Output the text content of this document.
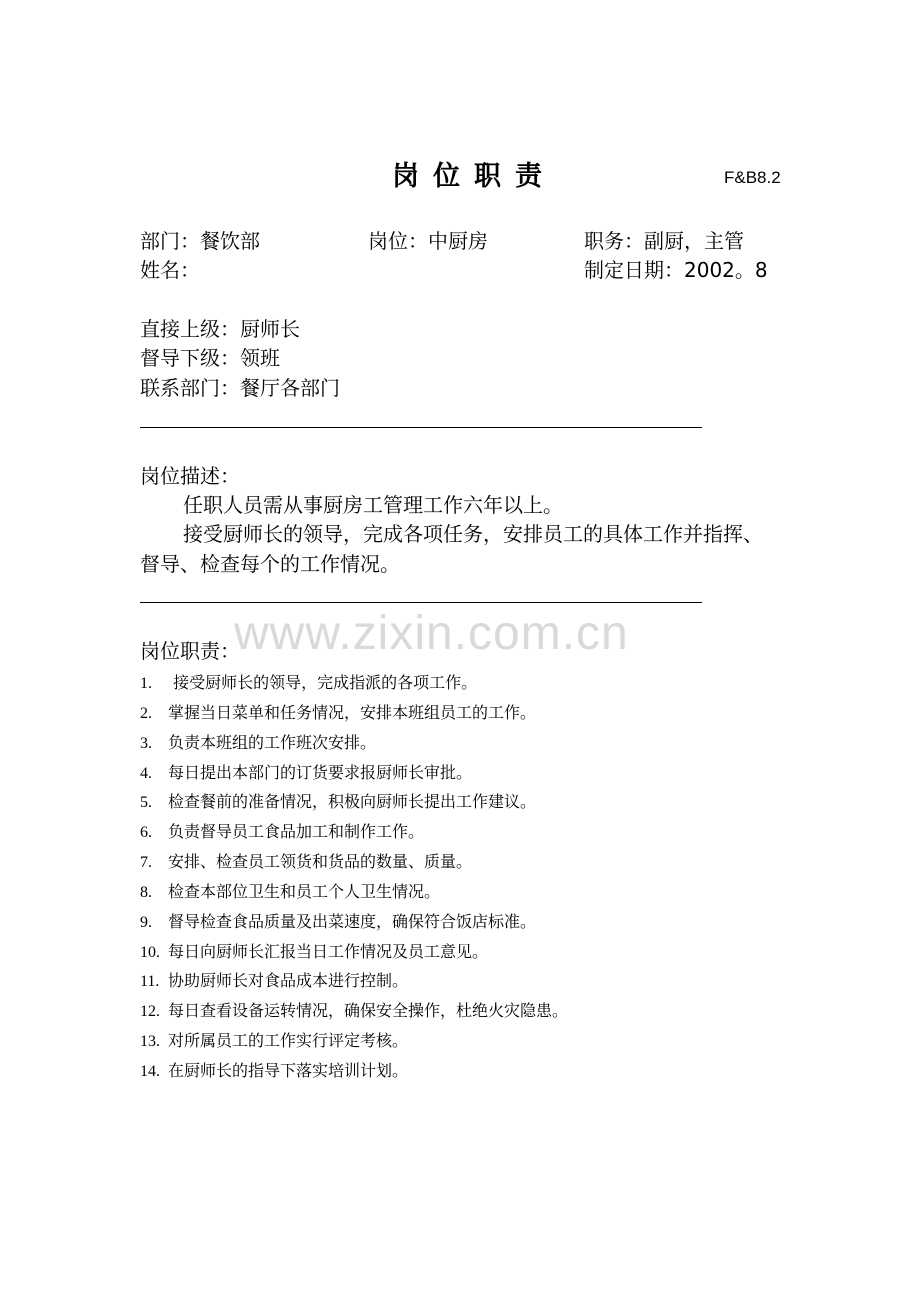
岗位职责	F&B8.2
部门：餐饮部	岗位：中厨房	职务：副厨，主管
姓名：	制定日期：2002。8
直接上级：厨师长
督导下级：领班
联系部门：餐厅各部门
岗位描述：
任职人员需从事厨房工管理工作六年以上。
接受厨师长的领导，完成各项任务，安排员工的具体工作并指挥、
督导、检查每个的工作情况。
www.zixin.com.cn
岗位职责：
1. 接受厨师长的领导，完成指派的各项工作。
2. 掌握当日菜单和任务情况，安排本班组员工的工作。
3. 负责本班组的工作班次安排。
4. 每日提出本部门的订货要求报厨师长审批。
5. 检查餐前的准备情况，积极向厨师长提出工作建议。
6. 负责督导员工食品加工和制作工作。
7. 安排、检查员工领货和货品的数量、质量。
8. 检查本部位卫生和员工个人卫生情况。
9. 督导检查食品质量及出菜速度，确保符合饭店标准。
10. 每日向厨师长汇报当日工作情况及员工意见。
11. 协助厨师长对食品成本进行控制。
12. 每日查看设备运转情况，确保安全操作，杜绝火灾隐患。
13. 对所属员工的工作实行评定考核。
14. 在厨师长的指导下落实培训计划。
